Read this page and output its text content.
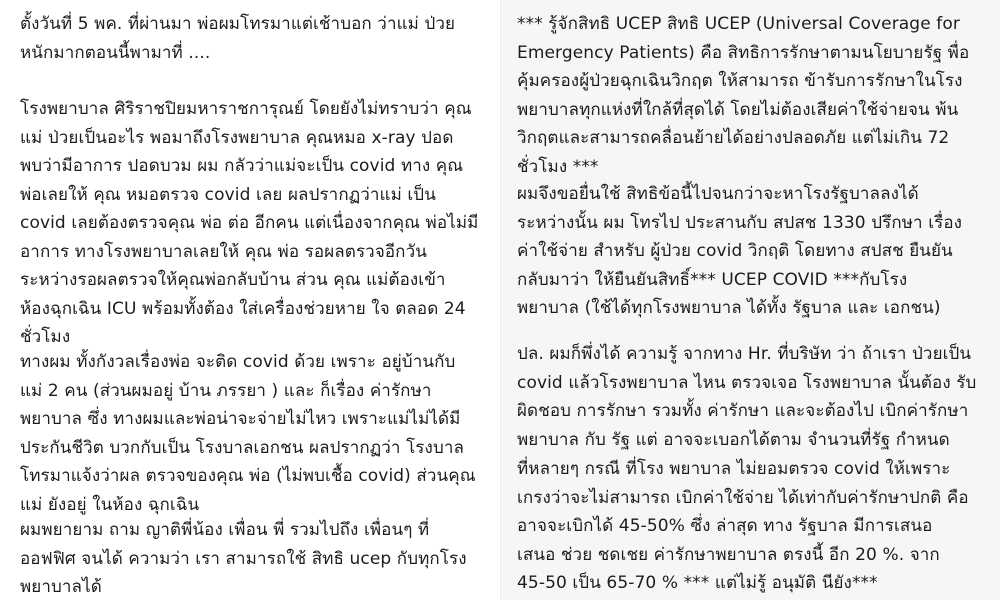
ตั้งวันที่ 5 พค. ที่ผ่านมา พ่อผมโทรมาแต่เช้าบอก ว่าแม่ ป่วย
หนักมากตอนนี้พามาที่ ....
โรงพยาบาล ศิริราชปิยมหาราชการุณย์ โดยยังไม่ทราบว่า คุณ
แม่ ป่วยเป็นอะไร พอมาถึงโรงพยาบาล คุณหมอ x-ray ปอด
พบว่ามีอาการ ปอดบวม ผม กลัวว่าแม่จะเป็น covid ทาง คุณ
พ่อเลยให้ คุณ หมอตรวจ covid เลย ผลปรากฏว่าแม่ เป็น
covid เลยต้องตรวจคุณ พ่อ ต่อ อีกคน แต่เนื่องจากคุณ พ่อไม่มี
อาการ ทางโรงพยาบาลเลยให้ คุณ พ่อ รอผลตรวจอีกวัน
ระหว่างรอผลตรวจให้คุณพ่อกลับบ้าน ส่วน คุณ แม่ต้องเข้า
ห้องฉุกเฉิน ICU พร้อมทั้งต้อง ใส่เครื่องช่วยหาย ใจ ตลอด 24
ชั่วโมง
ทางผม ทั้งกังวลเรื่องพ่อ จะติด covid ด้วย เพราะ อยู่บ้านกับ
แม่ 2 คน (ส่วนผมอยู่ บ้าน ภรรยา ) และ ก็เรื่อง ค่ารักษา
พยาบาล ซึ่ง ทางผมและพ่อน่าจะจ่ายไม่ไหว เพราะแม่ไม่ได้มี
ประกันชีวิต บวกกับเป็น โรงบาลเอกชน ผลปรากฏว่า โรงบาล
โทรมาแจ้งว่าผล ตรวจของคุณ พ่อ (ไม่พบเชื้อ covid) ส่วนคุณ
แม่ ยังอยู่ ในห้อง ฉุกเฉิน
ผมพยายาม ถาม ญาติพี่น้อง เพื่อน พี่ รวมไปถึง เพื่อนๆ ที่
ออฟฟิศ จนได้ ความว่า เรา สามารถใช้ สิทธิ ucep กับทุกโรง
พยาบาลได้
*** รู้จักสิทธิ UCEP สิทธิ UCEP (Universal Coverage for
Emergency Patients) คือ สิทธิการรักษาตามนโยบายรัฐ พื่อ
คุ้มครองผู้ป่วยฉุกเฉินวิกฤต ให้สามารถ ข้ารับการรักษาในโรง
พยาบาลทุกแห่งที่ใกล้ที่สุดได้ โดยไม่ต้องเสียค่าใช้จ่ายจน พ้น
วิกฤตและสามารถคลื่อนย้ายได้อย่างปลอดภัย แต่ไม่เกิน 72
ชั่วโมง ***
ผมจึงขอยื่นใช้ สิทธิข้อนี้ไปจนกว่าจะหาโรงรัฐบาลลงได้
ระหว่างนั้น ผม โทรไป ประสานกับ สปสช 1330 ปรึกษา เรื่อง
ค่าใช้จ่าย สำหรับ ผู้ป่วย covid วิกฤติ โดยทาง สปสช ยืนยัน
กลับมาว่า ให้ยืนยันสิทธิ์*** UCEP COVID ***กับโรง
พยาบาล (ใช้ได้ทุกโรงพยาบาล ได้ทั้ง รัฐบาล และ เอกชน)
ปล. ผมก็พึ่งได้ ความรู้ จากทาง Hr. ที่บริษัท ว่า ถ้าเรา ป่วยเป็น
covid แล้วโรงพยาบาล ไหน ตรวจเจอ โรงพยาบาล นั้นต้อง รับ
ผิดชอบ การรักษา รวมทั้ง ค่ารักษา และจะต้องไป เบิกค่ารักษา
พยาบาล กับ รัฐ แต่ อาจจะเบอกได้ตาม จำนวนที่รัฐ กำหนด
ที่หลายๆ กรณี ที่โรง พยาบาล ไม่ยอมตรวจ covid ให้เพราะ
เกรงว่าจะไม่สามารถ เบิกค่าใช้จ่าย ได้เท่ากับค่ารักษาปกติ คือ
อาจจะเบิกได้ 45-50% ซึ่ง ล่าสุด ทาง รัฐบาล มีการเสนอ
เสนอ ช่วย ชดเชย ค่ารักษาพยาบาล ตรงนี้ อีก 20 %. จาก
45-50 เป็น 65-70 % *** แต่ไม่รู้ อนุมัติ นียัง***
